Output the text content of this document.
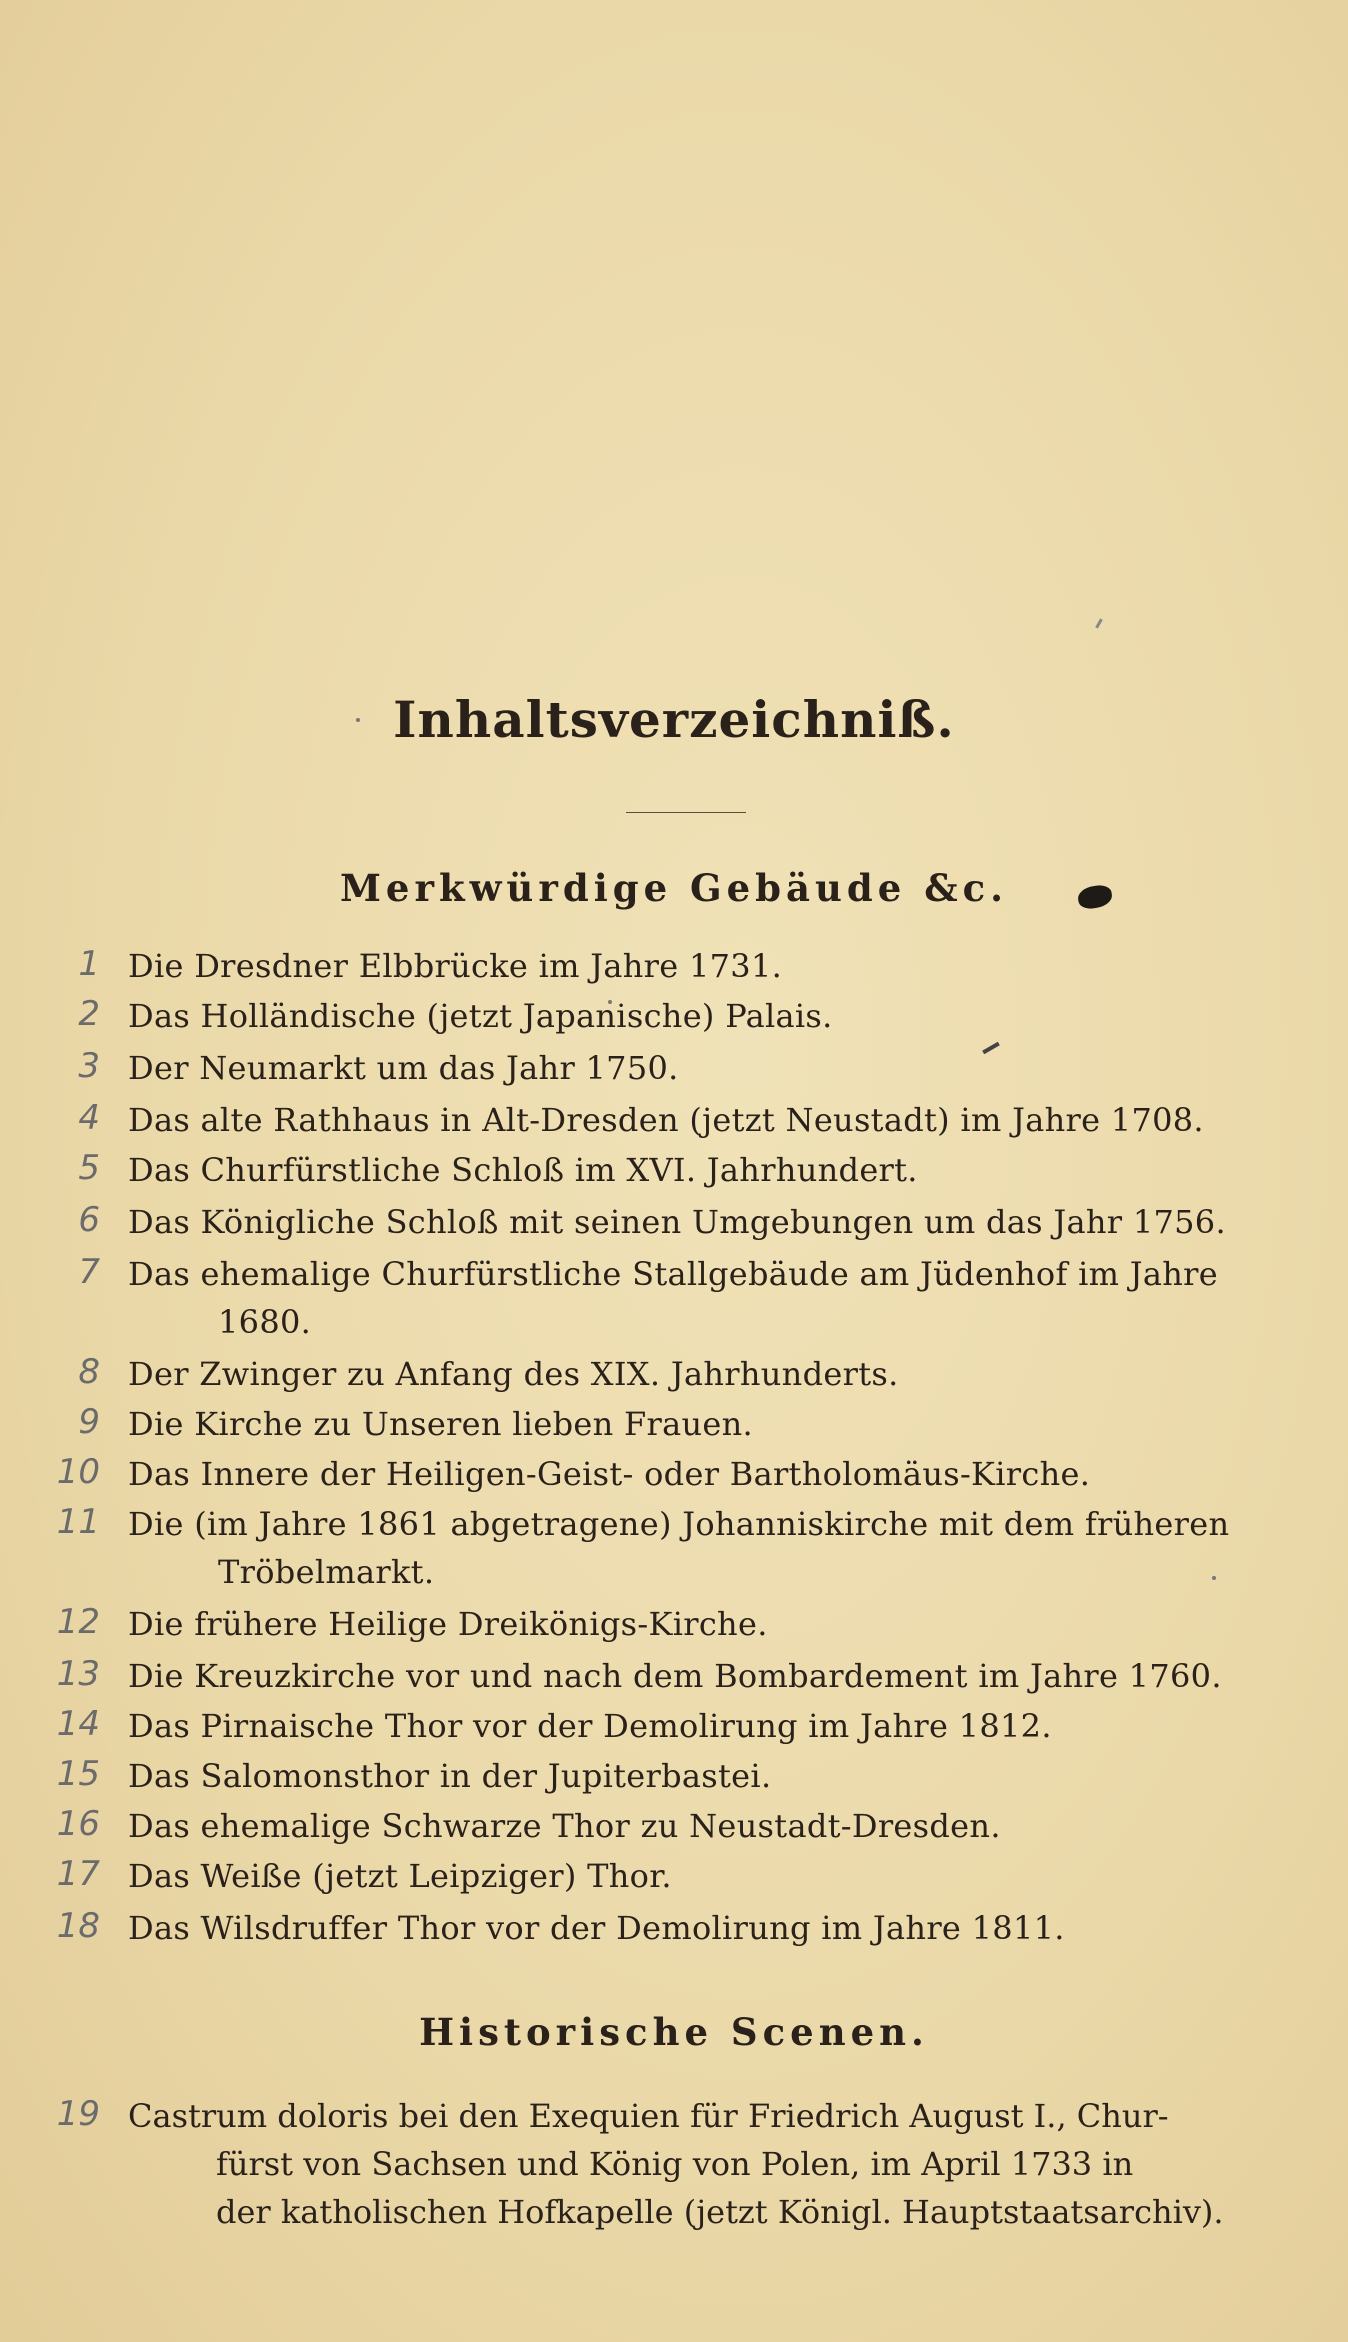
Inhaltsverzeichniß.
Merkwürdige Gebäude &c.
Historische Scenen.
1 Die Dresdner Elbbrücke im Jahre 1731.
2 Das Holländische (jetzt Japanische) Palais.
3 Der Neumarkt um das Jahr 1750.
4 Das alte Rathhaus in Alt-Dresden (jetzt Neustadt) im Jahre 1708.
5 Das Churfürstliche Schloß im XVI. Jahrhundert.
6 Das Königliche Schloß mit seinen Umgebungen um das Jahr 1756.
7 Das ehemalige Churfürstliche Stallgebäude am Jüdenhof im Jahre
1680.
8 Der Zwinger zu Anfang des XIX. Jahrhunderts.
9 Die Kirche zu Unseren lieben Frauen.
10 Das Innere der Heiligen-Geist- oder Bartholomäus-Kirche.
11 Die (im Jahre 1861 abgetragene) Johanniskirche mit dem früheren
Tröbelmarkt.
12 Die frühere Heilige Dreikönigs-Kirche.
13 Die Kreuzkirche vor und nach dem Bombardement im Jahre 1760.
14 Das Pirnaische Thor vor der Demolirung im Jahre 1812.
15 Das Salomonsthor in der Jupiterbastei.
16 Das ehemalige Schwarze Thor zu Neustadt-Dresden.
17 Das Weiße (jetzt Leipziger) Thor.
18 Das Wilsdruffer Thor vor der Demolirung im Jahre 1811.
19 Castrum doloris bei den Exequien für Friedrich August I., Chur-
fürst von Sachsen und König von Polen, im April 1733 in
der katholischen Hofkapelle (jetzt Königl. Hauptstaatsarchiv).
